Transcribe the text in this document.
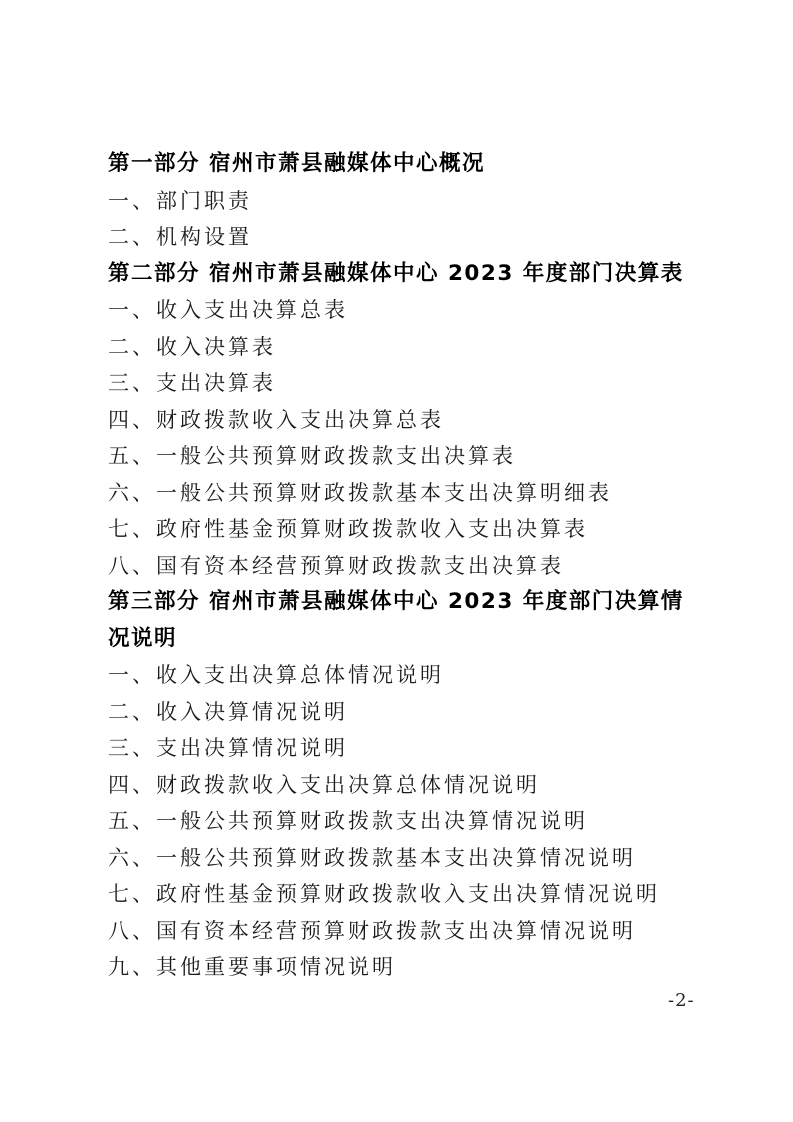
第一部分 宿州市萧县融媒体中心概况
一、部门职责
二、机构设置
第二部分 宿州市萧县融媒体中心 2023 年度部门决算表
一、收入支出决算总表
二、收入决算表
三、支出决算表
四、财政拨款收入支出决算总表
五、一般公共预算财政拨款支出决算表
六、一般公共预算财政拨款基本支出决算明细表
七、政府性基金预算财政拨款收入支出决算表
八、国有资本经营预算财政拨款支出决算表
第三部分 宿州市萧县融媒体中心 2023 年度部门决算情
况说明
一、收入支出决算总体情况说明
二、收入决算情况说明
三、支出决算情况说明
四、财政拨款收入支出决算总体情况说明
五、一般公共预算财政拨款支出决算情况说明
六、一般公共预算财政拨款基本支出决算情况说明
七、政府性基金预算财政拨款收入支出决算情况说明
八、国有资本经营预算财政拨款支出决算情况说明
九、其他重要事项情况说明
-2-
